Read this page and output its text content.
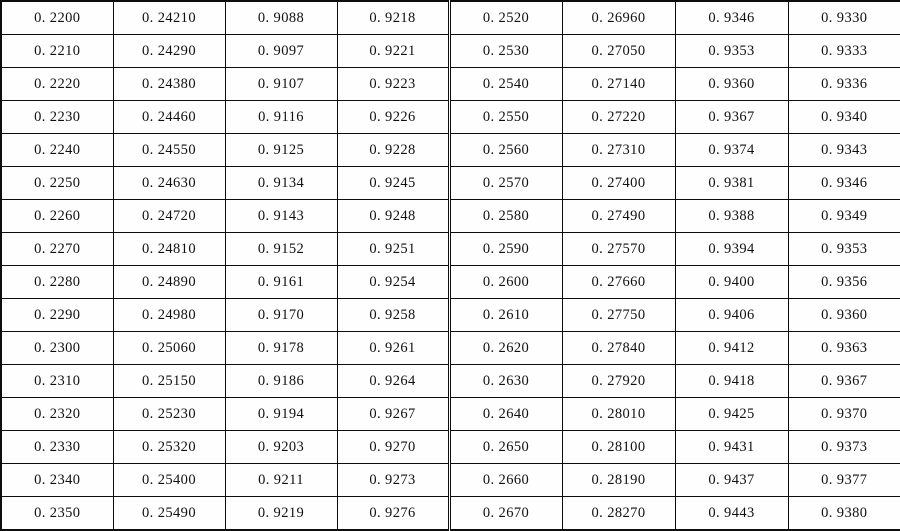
0. 2200	0. 24210	0. 9088	0. 9218	0. 2520	0. 26960	0. 9346	0. 9330
0. 2210	0. 24290	0. 9097	0. 9221	0. 2530	0. 27050	0. 9353	0. 9333
0. 2220	0. 24380	0. 9107	0. 9223	0. 2540	0. 27140	0. 9360	0. 9336
0. 2230	0. 24460	0. 9116	0. 9226	0. 2550	0. 27220	0. 9367	0. 9340
0. 2240	0. 24550	0. 9125	0. 9228	0. 2560	0. 27310	0. 9374	0. 9343
0. 2250	0. 24630	0. 9134	0. 9245	0. 2570	0. 27400	0. 9381	0. 9346
0. 2260	0. 24720	0. 9143	0. 9248	0. 2580	0. 27490	0. 9388	0. 9349
0. 2270	0. 24810	0. 9152	0. 9251	0. 2590	0. 27570	0. 9394	0. 9353
0. 2280	0. 24890	0. 9161	0. 9254	0. 2600	0. 27660	0. 9400	0. 9356
0. 2290	0. 24980	0. 9170	0. 9258	0. 2610	0. 27750	0. 9406	0. 9360
0. 2300	0. 25060	0. 9178	0. 9261	0. 2620	0. 27840	0. 9412	0. 9363
0. 2310	0. 25150	0. 9186	0. 9264	0. 2630	0. 27920	0. 9418	0. 9367
0. 2320	0. 25230	0. 9194	0. 9267	0. 2640	0. 28010	0. 9425	0. 9370
0. 2330	0. 25320	0. 9203	0. 9270	0. 2650	0. 28100	0. 9431	0. 9373
0. 2340	0. 25400	0. 9211	0. 9273	0. 2660	0. 28190	0. 9437	0. 9377
0. 2350	0. 25490	0. 9219	0. 9276	0. 2670	0. 28270	0. 9443	0. 9380
